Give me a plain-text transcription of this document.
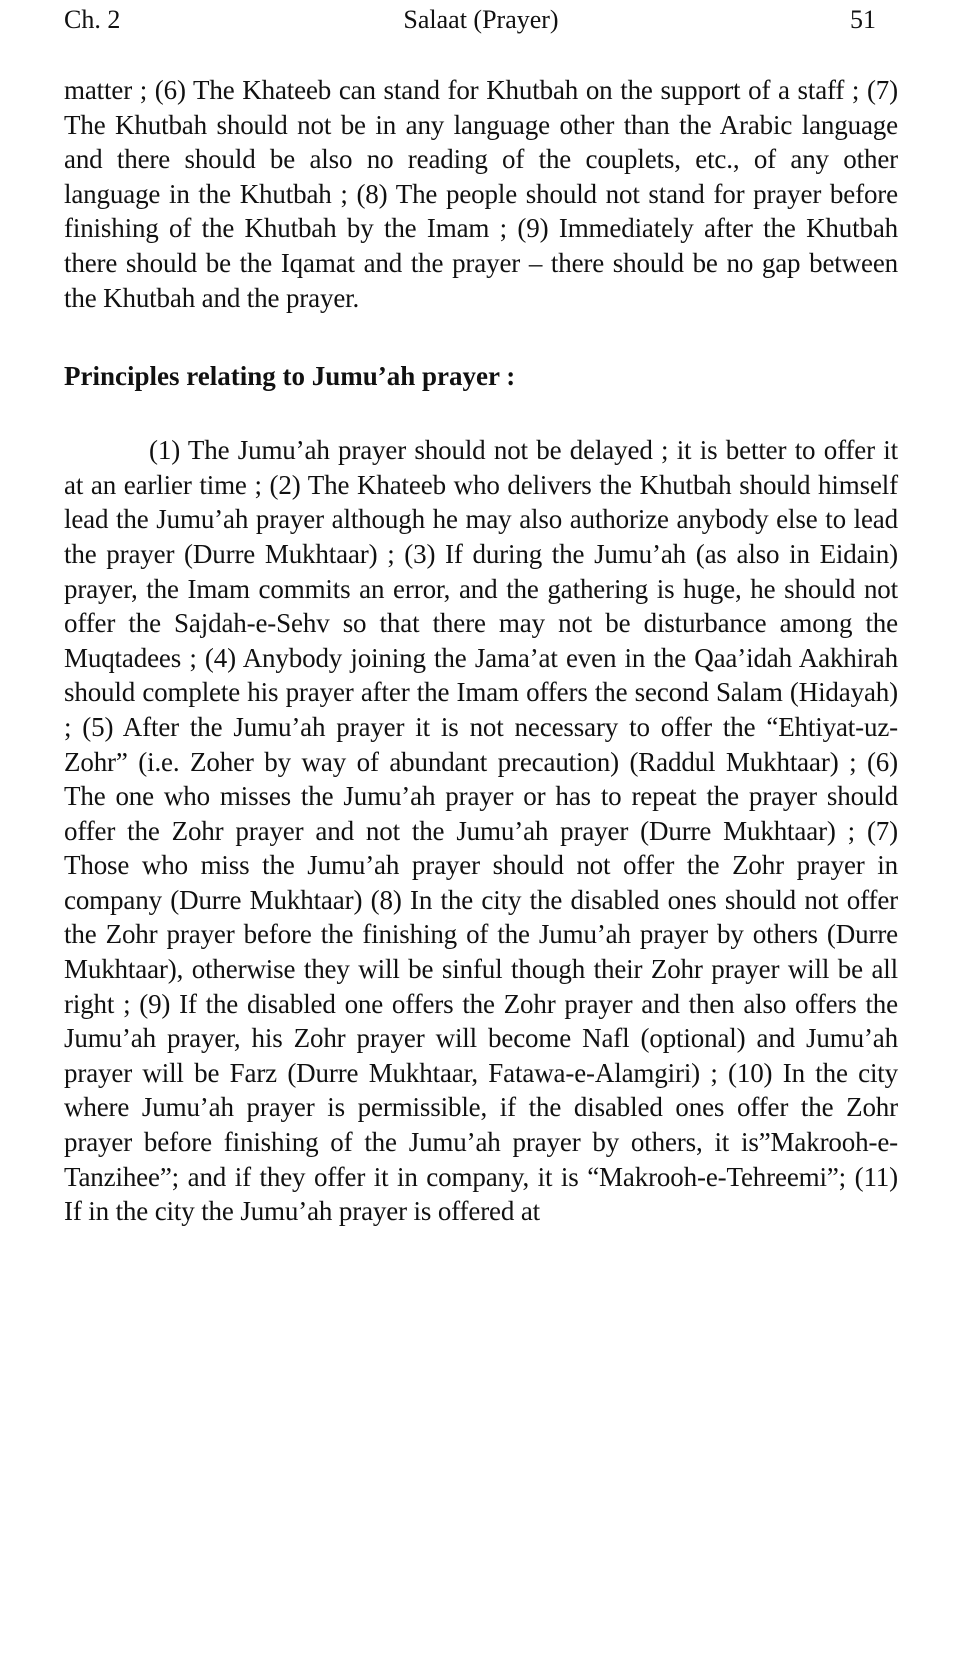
Ch. 2	Salaat (Prayer)	51

matter ; (6) The Khateeb can stand for Khutbah on the support of a staff ; (7) The Khutbah should not be in any language other than the Arabic language and there should be also no reading of the couplets, etc., of any other language in the Khutbah ; (8) The people should not stand for prayer before finishing of the Khutbah by the Imam ; (9) Immediately after the Khutbah there should be the Iqamat and the prayer – there should be no gap between the Khutbah and the prayer.

Principles relating to Jumu’ah prayer :

(1) The Jumu’ah prayer should not be delayed ; it is better to offer it at an earlier time ; (2) The Khateeb who delivers the Khutbah should himself lead the Jumu’ah prayer although he may also authorize anybody else to lead the prayer (Durre Mukhtaar) ; (3) If during the Jumu’ah (as also in Eidain) prayer, the Imam commits an error, and the gathering is huge, he should not offer the Sajdah-e-Sehv so that there may not be disturbance among the Muqtadees ; (4) Anybody joining the Jama’at even in the Qaa’idah Aakhirah should complete his prayer after the Imam offers the second Salam (Hidayah) ; (5) After the Jumu’ah prayer it is not necessary to offer the “Ehtiyat-uz-Zohr” (i.e. Zoher by way of abundant precaution) (Raddul Mukhtaar) ; (6) The one who misses the Jumu’ah prayer or has to repeat the prayer should offer the Zohr prayer and not the Jumu’ah prayer (Durre Mukhtaar) ; (7) Those who miss the Jumu’ah prayer should not offer the Zohr prayer in company (Durre Mukhtaar) (8) In the city the disabled ones should not offer the Zohr prayer before the finishing of the Jumu’ah prayer by others (Durre Mukhtaar), otherwise they will be sinful though their Zohr prayer will be all right ; (9) If the disabled one offers the Zohr prayer and then also offers the Jumu’ah prayer, his Zohr prayer will become Nafl (optional) and Jumu’ah prayer will be Farz (Durre Mukhtaar, Fatawa-e-Alamgiri) ; (10) In the city where Jumu’ah prayer is permissible, if the disabled ones offer the Zohr prayer before finishing of the Jumu’ah prayer by others, it is”Makrooh-e-Tanzihee”; and if they offer it in company, it is “Makrooh-e-Tehreemi”; (11) If in the city the Jumu’ah prayer is offered at
